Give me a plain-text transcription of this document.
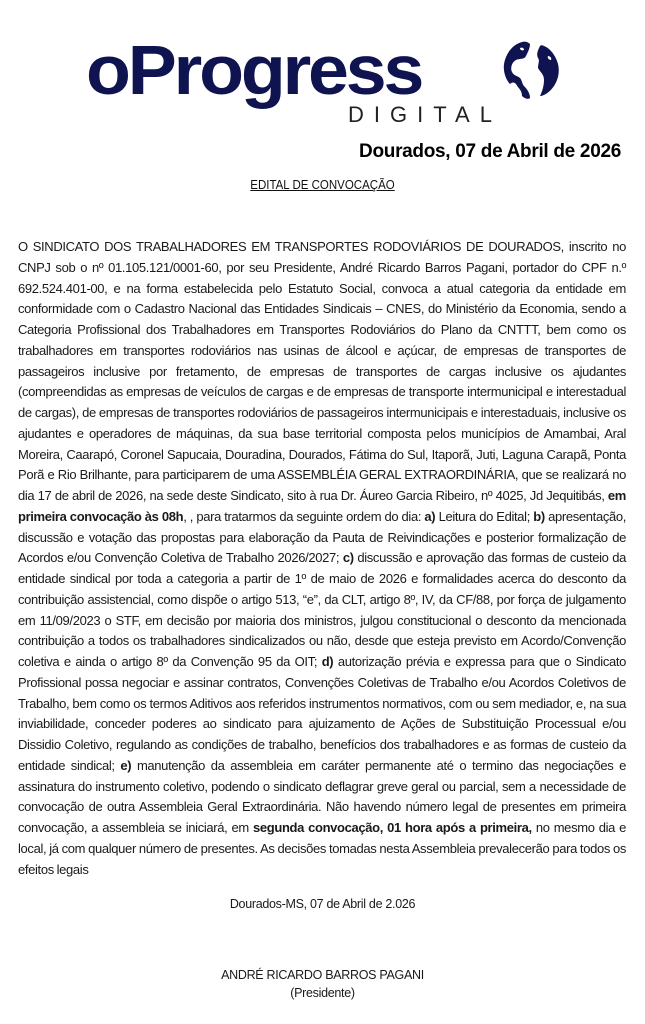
oProgress
DIGITAL
Dourados, 07 de Abril de 2026
EDITAL DE CONVOCAÇÃO
O SINDICATO DOS TRABALHADORES EM TRANSPORTES RODOVIÁRIOS DE DOURADOS, inscrito no CNPJ sob o nº 01.105.121/0001-60, por seu Presidente, André Ricardo Barros Pagani, portador do CPF n.º 692.524.401-00, e na forma estabelecida pelo Estatuto Social, convoca a atual categoria da entidade em conformidade com o Cadastro Nacional das Entidades Sindicais – CNES, do Ministério da Economia, sendo a Categoria Profissional dos Trabalhadores em Transportes Rodoviários do Plano da CNTTT, bem como os trabalhadores em transportes rodoviários nas usinas de álcool e açúcar, de empresas de transportes de passageiros inclusive por fretamento, de empresas de transportes de cargas inclusive os ajudantes (compreendidas as empresas de veículos de cargas e de empresas de transporte intermunicipal e interestadual de cargas), de empresas de transportes rodoviários de passageiros intermunicipais e interestaduais, inclusive os ajudantes e operadores de máquinas, da sua base territorial composta pelos municípios de Amambai, Aral Moreira, Caarapó, Coronel Sapucaia, Douradina, Dourados, Fátima do Sul, Itaporã, Juti, Laguna Carapã, Ponta Porã e Rio Brilhante, para participarem de uma ASSEMBLÉIA GERAL EXTRAORDINÁRIA, que se realizará no dia 17 de abril de 2026, na sede deste Sindicato, sito à rua Dr. Áureo Garcia Ribeiro, nº 4025, Jd Jequitibás, em primeira convocação às 08h, , para tratarmos da seguinte ordem do dia: a) Leitura do Edital; b) apresentação, discussão e votação das propostas para elaboração da Pauta de Reivindicações e posterior formalização de Acordos e/ou Convenção Coletiva de Trabalho 2026/2027; c) discussão e aprovação das formas de custeio da entidade sindical por toda a categoria a partir de 1º de maio de 2026 e formalidades acerca do desconto da contribuição assistencial, como dispõe o artigo 513, “e”, da CLT, artigo 8º, IV, da CF/88, por força de julgamento em 11/09/2023 o STF, em decisão por maioria dos ministros, julgou constitucional o desconto da mencionada contribuição a todos os trabalhadores sindicalizados ou não, desde que esteja previsto em Acordo/Convenção coletiva e ainda o artigo 8º da Convenção 95 da OIT; d) autorização prévia e expressa para que o Sindicato Profissional possa negociar e assinar contratos, Convenções Coletivas de Trabalho e/ou Acordos Coletivos de Trabalho, bem como os termos Aditivos aos referidos instrumentos normativos, com ou sem mediador, e, na sua inviabilidade, conceder poderes ao sindicato para ajuizamento de Ações de Substituição Processual e/ou Dissidio Coletivo, regulando as condições de trabalho, benefícios dos trabalhadores e as formas de custeio da entidade sindical; e) manutenção da assembleia em caráter permanente até o termino das negociações e assinatura do instrumento coletivo, podendo o sindicato deflagrar greve geral ou parcial, sem a necessidade de convocação de outra Assembleia Geral Extraordinária. Não havendo número legal de presentes em primeira convocação, a assembleia se iniciará, em segunda convocação, 01 hora após a primeira, no mesmo dia e local, já com qualquer número de presentes. As decisões tomadas nesta Assembleia prevalecerão para todos os efeitos legais
Dourados-MS, 07 de Abril de 2.026
ANDRÉ RICARDO BARROS PAGANI
(Presidente)
